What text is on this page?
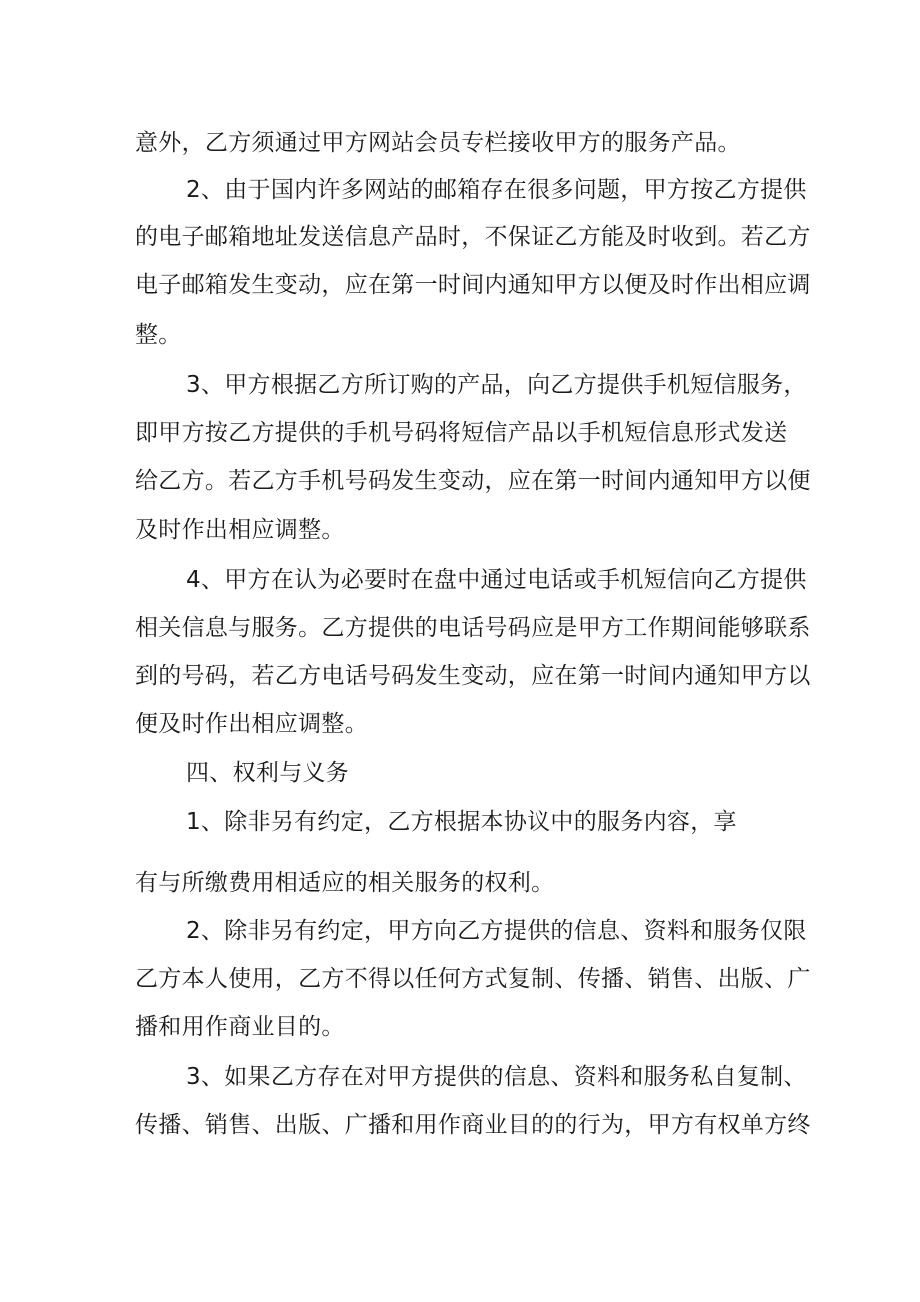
意外，乙方须通过甲方网站会员专栏接收甲方的服务产品。
2、由于国内许多网站的邮箱存在很多问题，甲方按乙方提供
的电子邮箱地址发送信息产品时，不保证乙方能及时收到。若乙方
电子邮箱发生变动，应在第一时间内通知甲方以便及时作出相应调
整。
3、甲方根据乙方所订购的产品，向乙方提供手机短信服务，
即甲方按乙方提供的手机号码将短信产品以手机短信息形式发送
给乙方。若乙方手机号码发生变动，应在第一时间内通知甲方以便
及时作出相应调整。
4、甲方在认为必要时在盘中通过电话或手机短信向乙方提供
相关信息与服务。乙方提供的电话号码应是甲方工作期间能够联系
到的号码，若乙方电话号码发生变动，应在第一时间内通知甲方以
便及时作出相应调整。
四、权利与义务
1、除非另有约定，乙方根据本协议中的服务内容，享
有与所缴费用相适应的相关服务的权利。
2、除非另有约定，甲方向乙方提供的信息、资料和服务仅限
乙方本人使用，乙方不得以任何方式复制、传播、销售、出版、广
播和用作商业目的。
3、如果乙方存在对甲方提供的信息、资料和服务私自复制、
传播、销售、出版、广播和用作商业目的的行为，甲方有权单方终
